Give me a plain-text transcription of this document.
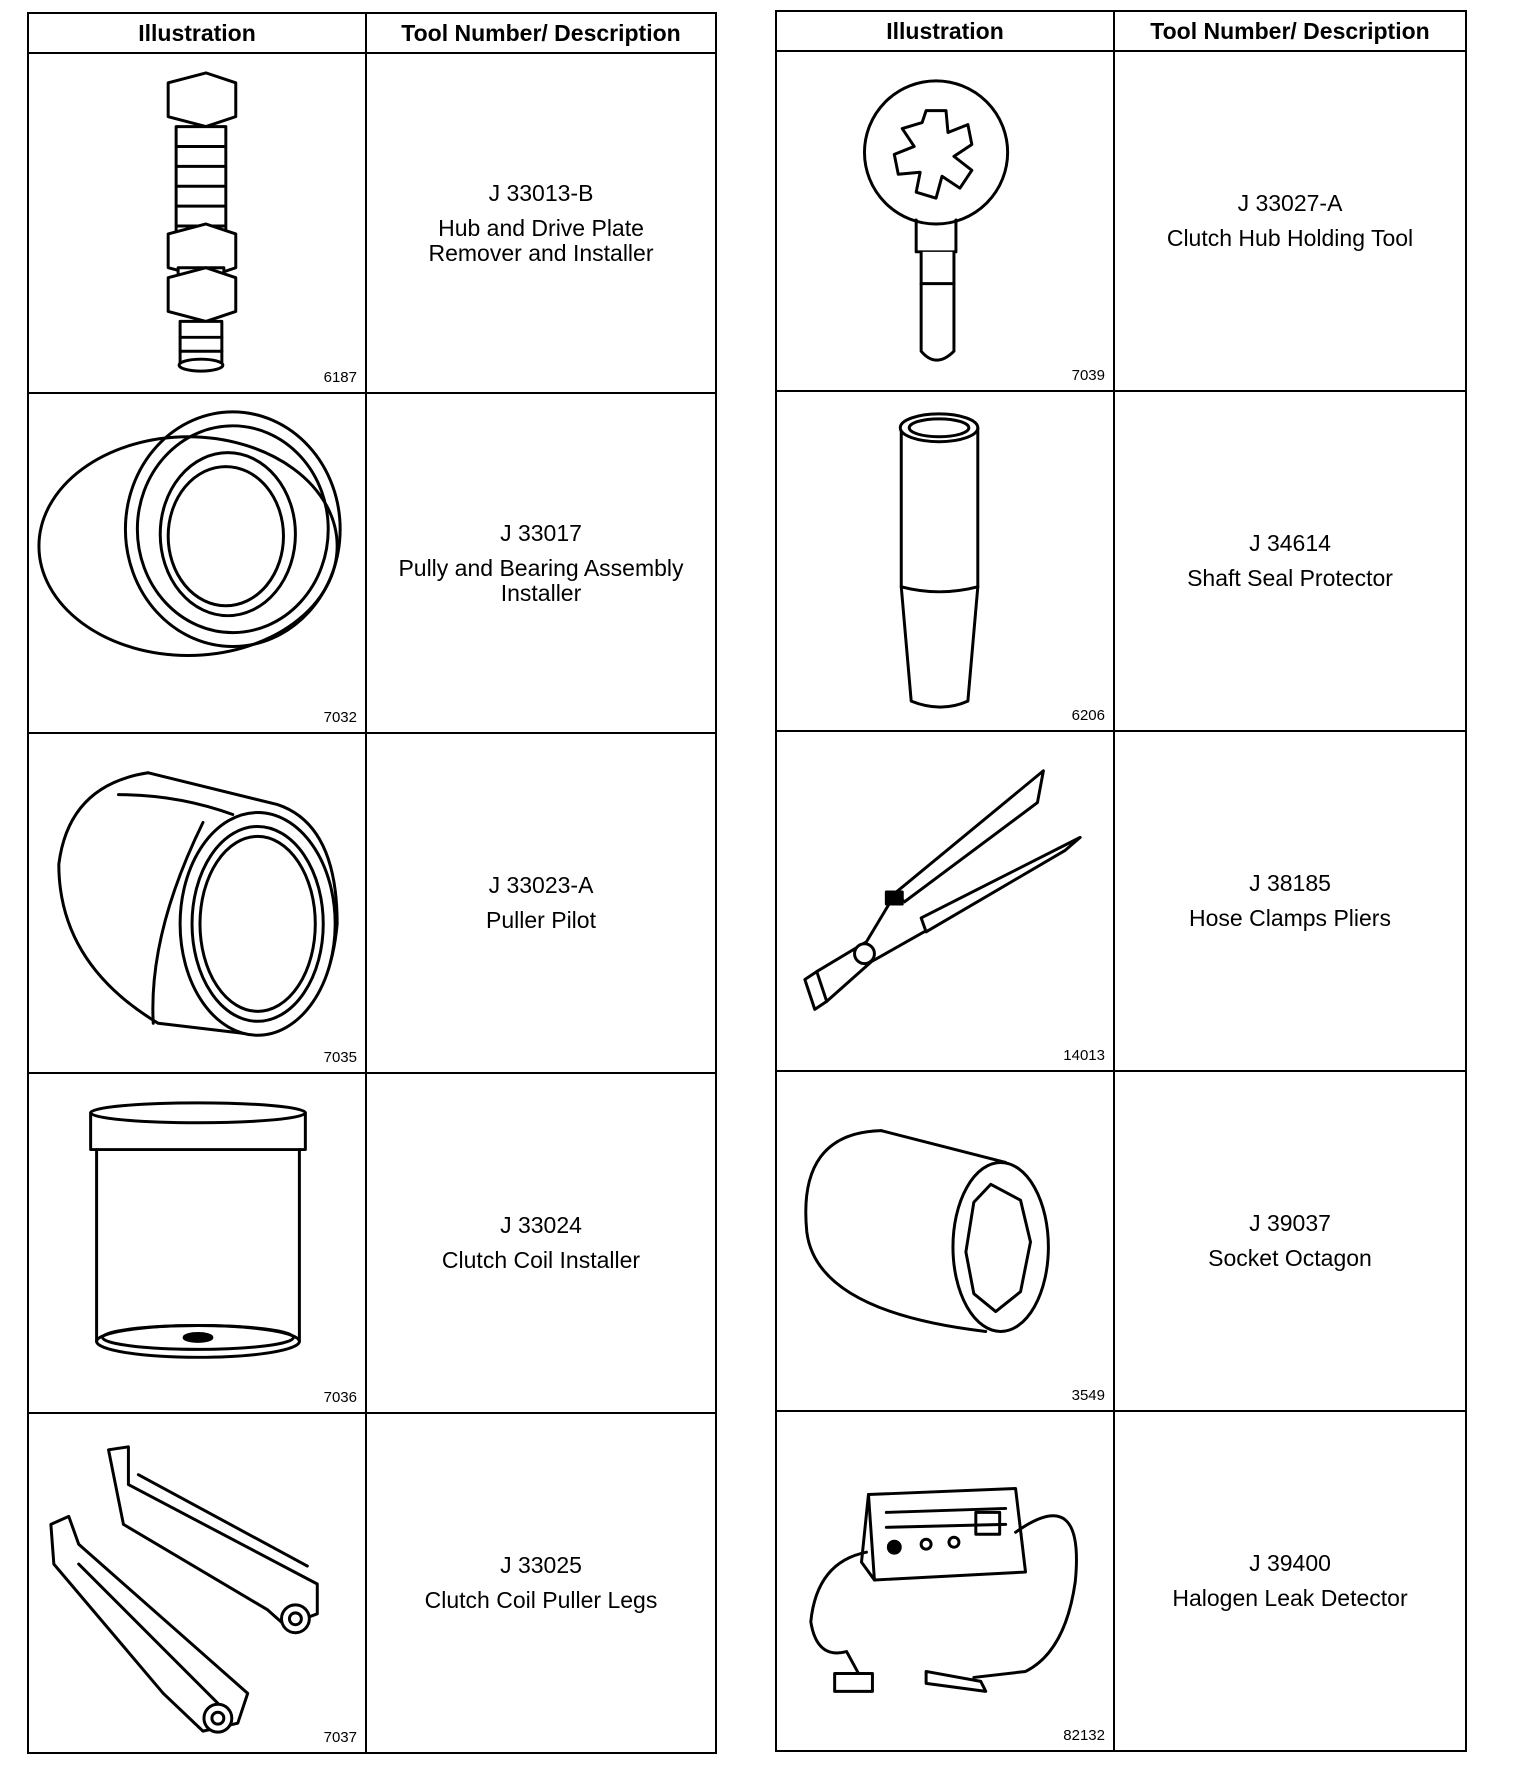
Illustration	Tool Number/ Description

6187	J 33013-B
Hub and Drive Plate
Remover and Installer

7032	J 33017
Pully and Bearing Assembly
Installer

7035	J 33023-A
Puller Pilot

7036	J 33024
Clutch Coil Installer

7037	J 33025
Clutch Coil Puller Legs
Illustration	Tool Number/ Description

7039	J 33027-A
Clutch Hub Holding Tool

6206	J 34614
Shaft Seal Protector

14013	J 38185
Hose Clamps Pliers

3549	J 39037
Socket Octagon

82132	J 39400
Halogen Leak Detector
